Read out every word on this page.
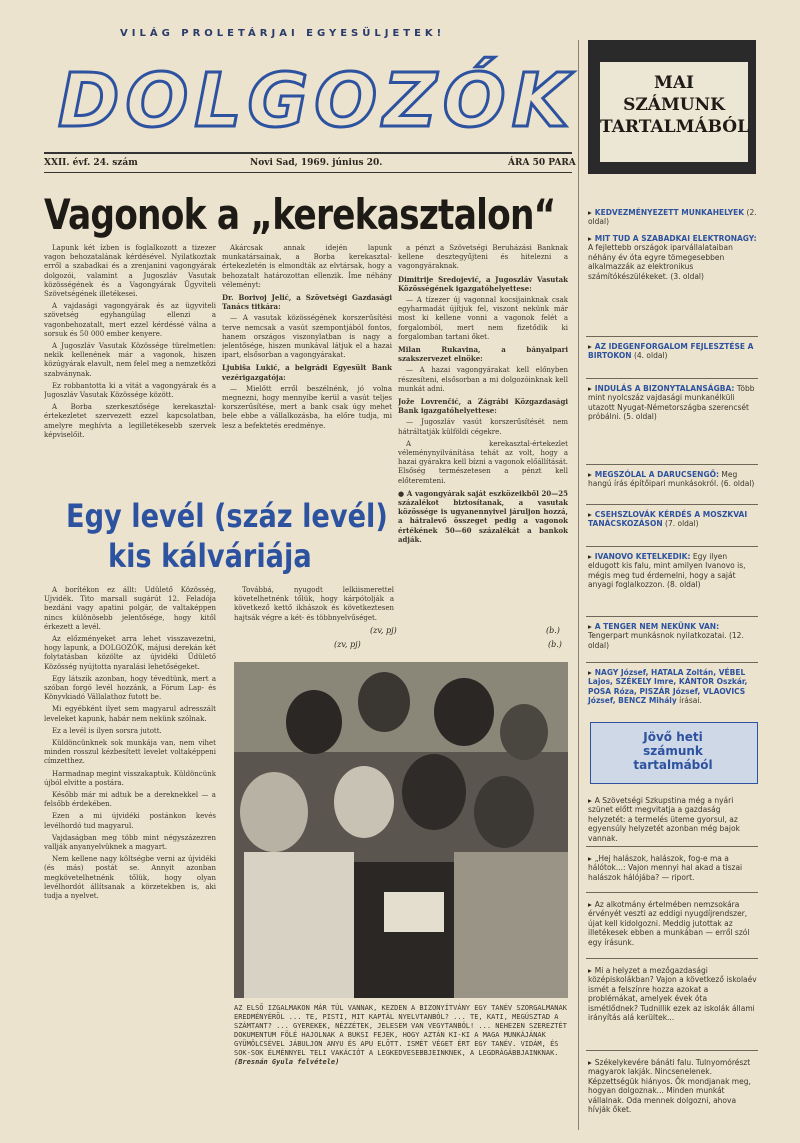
VILÁG PROLETÁRJAI EGYESÜLJETEK!
DOLGOZÓK
XXII. évf. 24. szám	Novi Sad, 1969. június 20.	ÁRA 50 PARA
Vagonok a „kerekasztalon“

Lapunk két ízben is foglalkozott a tizezer vagon behozatalának kérdésével. Nyilatkoztak erről a szabadkai és a zrenjanini vagongyárak dolgozói, valamint a Jugoszláv Vasutak közösségének és a Vagongyárak Ügyviteli Szövetségének illetékesei.

A vajdasági vagongyárak és az ügyviteli szövetség egyhangúlag ellenzi a vagonbehozatalt, mert ezzel kérdéssé válna a sorsuk és 50 000 ember kenyere.

A Jugoszláv Vasutak Közössége türelmetlen: nekik kellenének már a vagonok, hiszen közúgyárak elavult, nem felel meg a nemzetközi szabványnak.

Ez robbantotta ki a vitát a vagongyárak és a Jugoszláv Vasutak Közössége között.

A Borba szerkesztősége kerekasztal-értekezletet szervezett ezzel kapcsolatban, amelyre meghívta a legilletékesebb szervek képviselőit.

Akárcsak annak idején lapunk munkatársainak, a Borba kerekasztal-értekezletén is elmondták az elvtársak, hogy a behozatalt határozottan ellenzik. Íme néhány véleményt:

Dr. Borivoj Jelić, a Szövetségi Gazdasági Tanács titkára:

— A vasutak közösségének korszerűsítési terve nemcsak a vasút szempontjából fontos, hanem országos viszonylatban is nagy a jelentősége, hiszen munkával látjuk el a hazai ipart, elsősorban a vagongyárakat.

Ljubiša Lukić, a belgrádi Egyesült Bank vezérigazgatója:

— Mielőtt erről beszélnénk, jó volna megnezni, hogy mennyibe kerül a vasút teljes korszerűsítése, mert a bank csak úgy mehet bele ebbe a vállalkozásba, ha előre tudja, mi lesz a befektetés eredménye.

a pénzt a Szövetségi Beruházási Banknak kellene desztegyűjteni és hitelezni a vagongyáraknak.

Dimitrije Sredojević, a Jugoszláv Vasutak Közösségének igazgatóhelyettese:

— A tízezer új vagonnal kocsijainknak csak egyharmadát újítjuk fel, viszont nekünk már most ki kellene vonni a vagonok felét a forgalomból, mert nem fizetődik ki forgalomban tartani őket.

Milan Rukavina, a bányaipari szakszervezet elnöke:

— A hazai vagongyárakat kell előnyben részesíteni, elsősorban a mi dolgozóinknak kell munkát adni.

Jože Lovrenčić, a Zágrábi Közgazdasági Bank igazgatóhelyettese:

— Jugoszláv vasút korszerűsítését nem hátráltatják külföldi cégekre.

A kerekasztal-értekezlet véleménynyilvánítása tehát az volt, hogy a hazai gyárakra kell bízni a vagonok előállítását. Elsőség természetesen a pénzt kell előteremteni.

● A vagongyárak saját eszközeikből 20—25 százalékot biztosítanak, a vasutak közössége is ugyanennyivel járuljon hozzá, a hátralevő összeget pedig a vagonok értékének 50—60 százalékát a bankok adják.

(zv, pj)	(b.)
Egy levél (száz levél)
kis kálváriája

A borítékon ez állt: Üdülető Közösség, Ujvidék. Tito marsall sugárút 12. Feladója bezdáni vagy apatini polgár, de valtaképpen nincs különösebb jelentősége, hogy kitől érkezett a levél.

Az előzményeket arra lehet visszavezetni, hogy lapunk, a DOLGOZÓK, májusi derekán két folytatásban közölte az újvidéki Üdülető Közösség nyújtotta nyaralási lehetőségeket.

Egy látszik azonban, hogy tévedtünk, mert a szóban forgó levél hozzánk, a Fórum Lap- és Könyvkiadó Vállalathoz futott be.

Mi egyébként ilyet sem magyarul adresszált leveleket kapunk, habár nem nekünk szólnak.

Ez a levél is ilyen sorsra jutott.

Küldöncünknek sok munkája van, nem vihet minden rosszul kézbesített levelet voltaképpeni címzetthez.

Harmadnap megint visszakaptuk. Küldöncünk újból elvitte a postára.

Később már mi adtuk be a dereknekkel — a felsőbb érdekében.

Ezen a mi újvidéki postánkon kevés levélhordó tud magyarul.

Vajdaságban meg több mint négyszázezren vallják anyanyelvüknek a magyart.

Nem kellene nagy költségbe verni az újvidéki (és más) postát se. Annyit azonban megkövetelhetnénk tőlük, hogy olyan levélhordót állítsanak a körzetekben is, aki tudja a nyelvet.

Továbbá, nyugodt lelkiismerettel követelhetnénk tőlük, hogy kárpótolják a következő kettő ikhászok és következtesen hajtsák végre a két- és többnyelvűséget.

(zv, pj)	(b.)
AZ ELSŐ IZGALMAKON MÁR TÚL VANNAK, KEZDEN A BIZONYÍTVÁNY EGY TANÉV SZORGALMANAK EREDMÉNYÉRÕL ... TE, PISTI, MIT KAPTÁL NYELVTANBÓL? ... TE, KATI, MEGÚSZTAD A SZÁMTANT? ... GYEREKEK, NÉZZÉTEK, JELESEM VAN VEGYTANBÓL! ... NEHEZEN SZEREZTÉT DOKUMENTUM FÖLÉ HAJOLNAK A BUKSI FEJEK, HOGY AZTÁN KI-KI A MAGA MUNKÁJÁNAK GYÜMÖLCSÉVEL JÁBULJON ANYU ÉS APU ELŐTT. ISMÉT VÉGET ÉRT EGY TANÉV. VIDÁM, ÉS SOK-SOK ÉLMÉNNYEL TELI VAKÁCIÓT A LEGKEDVESEBBJEINKNEK, A LEGDRÁGÁBBJAINKNAK. (Bresnán Gyula felvétele)
MAI
SZÁMUNK
TARTALMÁBÓL
▸ KEDVEZMÉNYEZETT MUNKAHELYEK (2. oldal)
▸ MIT TUD A SZABADKAI ELEKTRONAGY: A fejlettebb országok iparvállalataiban néhány év óta egyre tömegesebben alkalmazzák az elektronikus számítókészülékeket. (3. oldal)
▸ AZ IDEGENFORGALOM FEJLESZTÉSE A BIRTOKON (4. oldal)
▸ INDULÁS A BIZONYTALANSÁGBA: Több mint nyolcszáz vajdasági munkanélküli utazott Nyugat-Németországba szerencsét próbálni. (5. oldal)
▸ MEGSZÓLAL A DARUCSENGŐ: Meg hangú írás építőipari munkásokról. (6. oldal)
▸ CSEHSZLOVÁK KÉRDÉS A MOSZKVAI TANÁCSKOZÁSON (7. oldal)
▸ IVANOVO KETELKEDIK: Egy ilyen eldugott kis falu, mint amilyen Ivanovo is, mégis meg tud érdemelni, hogy a saját anyagi foglalkozzon. (8. oldal)
▸ A TENGER NEM NEKÜNK VAN: Tengerpart munkásnok nyilatkozatai. (12. oldal)
▸ NAGY József, HATALA Zoltán, VÉBEL Lajos, SZÉKELY Imre, KÁNTOR Oszkár, POSA Róza, PISZÁR József, VLAOVICS József, BENCZ Mihály írásai.
Jövő heti
számunk
tartalmából
▸ A Szövetségi Szkupstina még a nyári szünet előtt megvitatja a gazdaság helyzetét: a termelés üteme gyorsul, az egyensúly helyzetét azonban még bajok vannak.
▸ „Hej halászok, halászok, fog-e ma a hálótok...: Vajon mennyi hal akad a tiszai halászok hálójába? — riport.
▸ Az alkotmány értelmében nemzsokára érvényét veszti az eddigi nyugdíjrendszer, újat kell kidolgozni. Meddig jutottak az illetékesek ebben a munkában — erről szól egy írásunk.
▸ Mi a helyzet a mezőgazdasági középiskolákban? Vajon a következő iskolaév ismét a felszínre hozza azokat a problémákat, amelyek évek óta ismétlődnek? Tudnillik ezek az iskolák állami irányítás alá kerültek...
▸ Székelykevére bánáti falu. Tulnyomórészt magyarok lakják. Nincsenelenek. Képzettségük hiányos. Ők mondjanak meg, hogyan dolgoznak... Minden munkát vállalnak. Oda mennek dolgozni, ahova hívják őket.
